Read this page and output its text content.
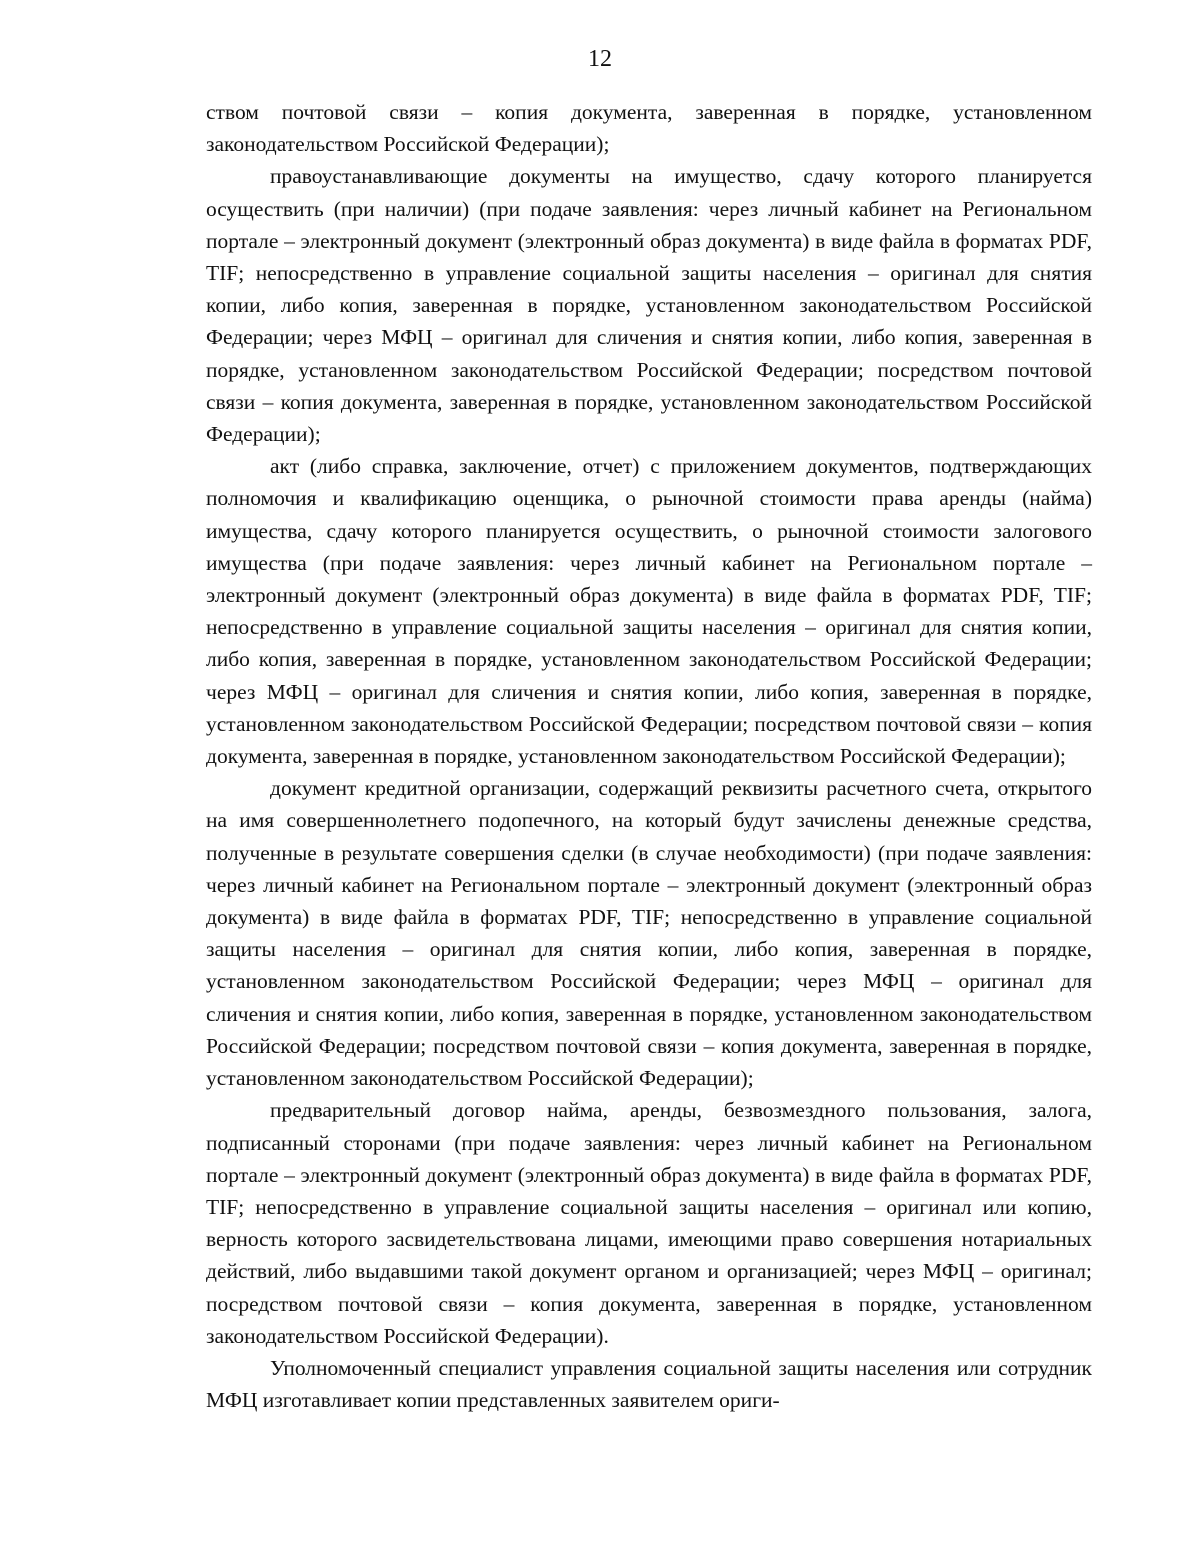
12

ством почтовой связи – копия документа, заверенная в порядке, установленном законодательством Российской Федерации);

правоустанавливающие документы на имущество, сдачу которого планируется осуществить (при наличии) (при подаче заявления: через личный кабинет на Региональном портале – электронный документ (электронный образ документа) в виде файла в форматах PDF, TIF; непосредственно в управление социальной защиты населения – оригинал для снятия копии, либо копия, заверенная в порядке, установленном законодательством Российской Федерации; через МФЦ – оригинал для сличения и снятия копии, либо копия, заверенная в порядке, установленном законодательством Российской Федерации; посредством почтовой связи – копия документа, заверенная в порядке, установленном законодательством Российской Федерации);

акт (либо справка, заключение, отчет) с приложением документов, подтверждающих полномочия и квалификацию оценщика, о рыночной стоимости права аренды (найма) имущества, сдачу которого планируется осуществить, о рыночной стоимости залогового имущества (при подаче заявления: через личный кабинет на Региональном портале – электронный документ (электронный образ документа) в виде файла в форматах PDF, TIF; непосредственно в управление социальной защиты населения – оригинал для снятия копии, либо копия, заверенная в порядке, установленном законодательством Российской Федерации; через МФЦ – оригинал для сличения и снятия копии, либо копия, заверенная в порядке, установленном законодательством Российской Федерации; посредством почтовой связи – копия документа, заверенная в порядке, установленном законодательством Российской Федерации);

документ кредитной организации, содержащий реквизиты расчетного счета, открытого на имя совершеннолетнего подопечного, на который будут зачислены денежные средства, полученные в результате совершения сделки (в случае необходимости) (при подаче заявления: через личный кабинет на Региональном портале – электронный документ (электронный образ документа) в виде файла в форматах PDF, TIF; непосредственно в управление социальной защиты населения – оригинал для снятия копии, либо копия, заверенная в порядке, установленном законодательством Российской Федерации; через МФЦ – оригинал для сличения и снятия копии, либо копия, заверенная в порядке, установленном законодательством Российской Федерации; посредством почтовой связи – копия документа, заверенная в порядке, установленном законодательством Российской Федерации);

предварительный договор найма, аренды, безвозмездного пользования, залога, подписанный сторонами (при подаче заявления: через личный кабинет на Региональном портале – электронный документ (электронный образ документа) в виде файла в форматах PDF, TIF; непосредственно в управление социальной защиты населения – оригинал или копию, верность которого засвидетельствована лицами, имеющими право совершения нотариальных действий, либо выдавшими такой документ органом и организацией; через МФЦ – оригинал; посредством почтовой связи – копия документа, заверенная в порядке, установленном законодательством Российской Федерации).

Уполномоченный специалист управления социальной защиты населения или сотрудник МФЦ изготавливает копии представленных заявителем ориги-
